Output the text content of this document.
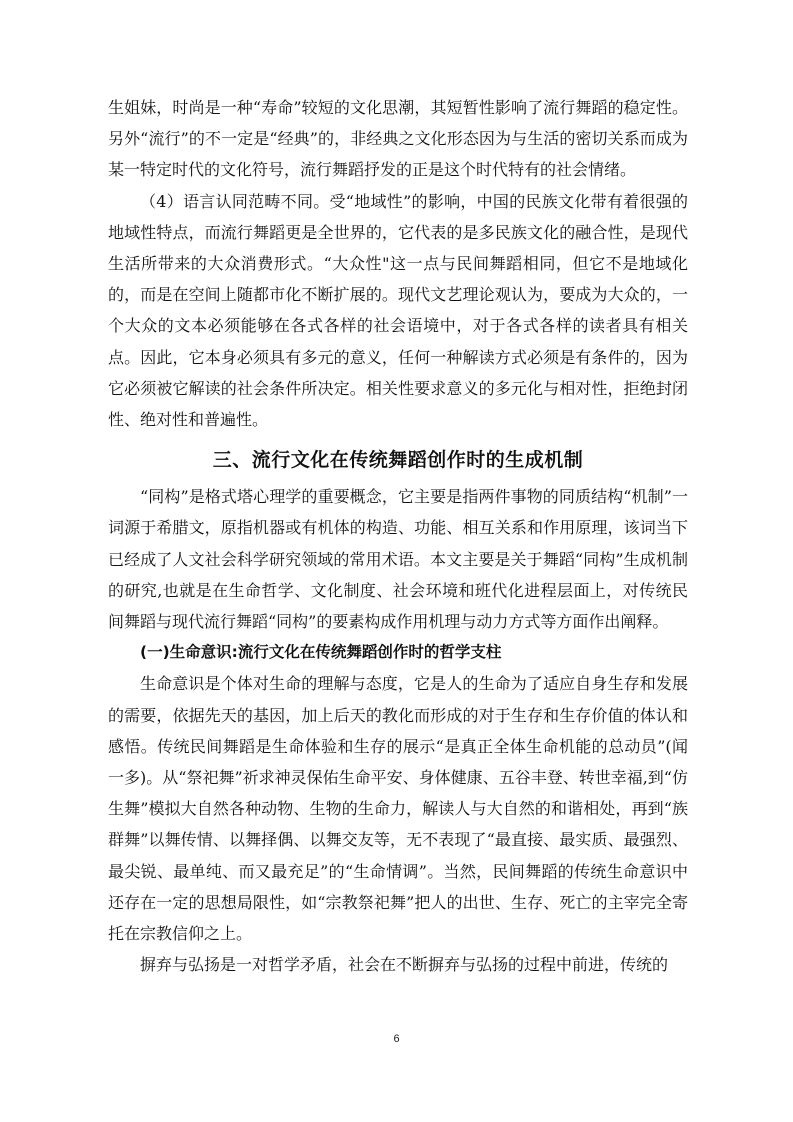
生姐妹，时尚是一种“寿命”较短的文化思潮，其短暂性影响了流行舞蹈的稳定性。另外“流行”的不一定是“经典”的，非经典之文化形态因为与生活的密切关系而成为某一特定时代的文化符号，流行舞蹈抒发的正是这个时代特有的社会情绪。

（4）语言认同范畴不同。受“地域性”的影响，中国的民族文化带有着很强的地域性特点，而流行舞蹈更是全世界的，它代表的是多民族文化的融合性，是现代生活所带来的大众消费形式。“大众性"这一点与民间舞蹈相同，但它不是地域化的，而是在空间上随都市化不断扩展的。现代文艺理论观认为，要成为大众的，一个大众的文本必须能够在各式各样的社会语境中，对于各式各样的读者具有相关点。因此，它本身必须具有多元的意义，任何一种解读方式必须是有条件的，因为它必须被它解读的社会条件所决定。相关性要求意义的多元化与相对性，拒绝封闭性、绝对性和普遍性。

三、流行文化在传统舞蹈创作时的生成机制

“同构”是格式塔心理学的重要概念，它主要是指两件事物的同质结构“机制”一词源于希腊文，原指机器或有机体的构造、功能、相互关系和作用原理，该词当下已经成了人文社会科学研究领域的常用术语。本文主要是关于舞蹈“同构”生成机制的研究,也就是在生命哲学、文化制度、社会环境和班代化进程层面上，对传统民间舞蹈与现代流行舞蹈“同构”的要素构成作用机理与动力方式等方面作出阐释。

(一)生命意识:流行文化在传统舞蹈创作时的哲学支柱

生命意识是个体对生命的理解与态度，它是人的生命为了适应自身生存和发展的需要，依据先天的基因，加上后天的教化而形成的对于生存和生存价值的体认和感悟。传统民间舞蹈是生命体验和生存的展示“是真正全体生命机能的总动员”(闻一多)。从“祭祀舞”祈求神灵保佑生命平安、身体健康、五谷丰登、转世幸福,到“仿生舞”模拟大自然各种动物、生物的生命力，解读人与大自然的和谐相处，再到“族群舞”以舞传情、以舞择偶、以舞交友等，无不表现了“最直接、最实质、最强烈、最尖锐、最单纯、而又最充足”的“生命情调”。当然，民间舞蹈的传统生命意识中还存在一定的思想局限性，如“宗教祭祀舞”把人的出世、生存、死亡的主宰完全寄托在宗教信仰之上。

摒弃与弘扬是一对哲学矛盾，社会在不断摒弃与弘扬的过程中前进，传统的

6
